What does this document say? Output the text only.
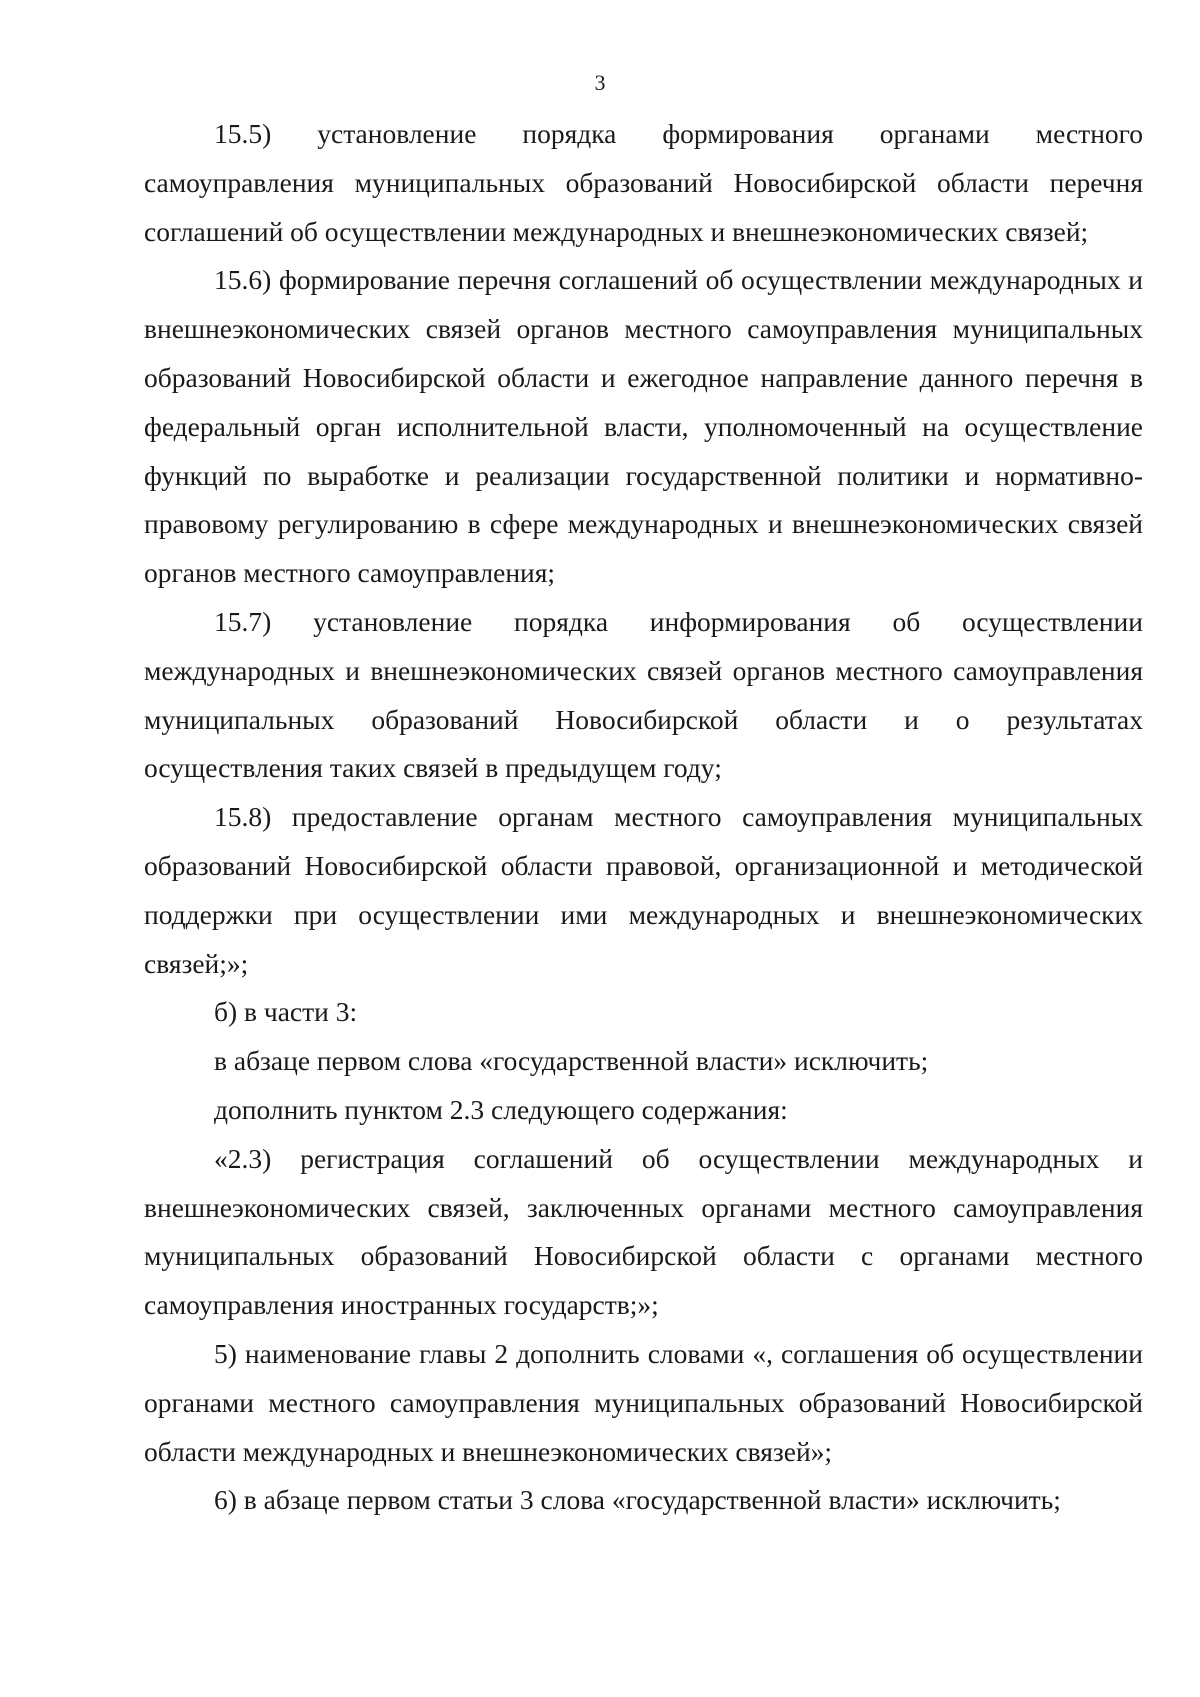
3

15.5) установление порядка формирования органами местного самоуправления муниципальных образований Новосибирской области перечня соглашений об осуществлении международных и внешнеэкономических связей;

15.6) формирование перечня соглашений об осуществлении международных и внешнеэкономических связей органов местного самоуправления муниципальных образований Новосибирской области и ежегодное направление данного перечня в федеральный орган исполнительной власти, уполномоченный на осуществление функций по выработке и реализации государственной политики и нормативно-правовому регулированию в сфере международных и внешнеэкономических связей органов местного самоуправления;

15.7) установление порядка информирования об осуществлении международных и внешнеэкономических связей органов местного самоуправления муниципальных образований Новосибирской области и о результатах осуществления таких связей в предыдущем году;

15.8) предоставление органам местного самоуправления муниципальных образований Новосибирской области правовой, организационной и методической поддержки при осуществлении ими международных и внешнеэкономических связей;»;

б) в части 3:

в абзаце первом слова «государственной власти» исключить;

дополнить пунктом 2.3 следующего содержания:

«2.3) регистрация соглашений об осуществлении международных и внешнеэкономических связей, заключенных органами местного самоуправления муниципальных образований Новосибирской области с органами местного самоуправления иностранных государств;»;

5) наименование главы 2 дополнить словами «, соглашения об осуществлении органами местного самоуправления муниципальных образований Новосибирской области международных и внешнеэкономических связей»;

6) в абзаце первом статьи 3 слова «государственной власти» исключить;
